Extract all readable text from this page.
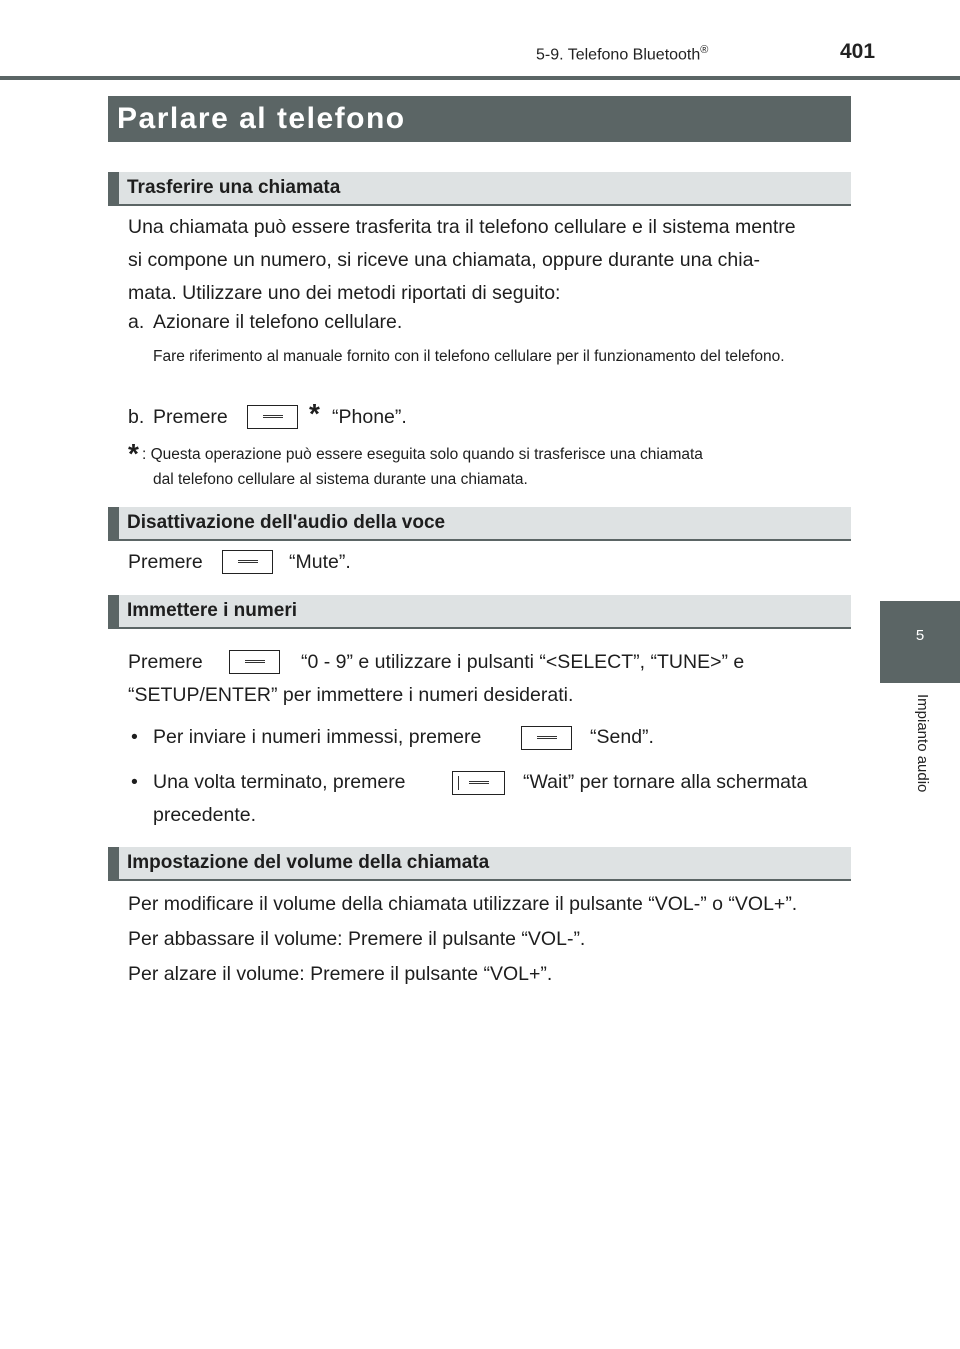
5-9. Telefono Bluetooth®	401
5
Impianto audio
Parlare al telefono
Trasferire una chiamata
Una chiamata può essere trasferita tra il telefono cellulare e il sistema mentre
si compone un numero, si riceve una chiamata, oppure durante una chia-
mata. Utilizzare uno dei metodi riportati di seguito:
a. Azionare il telefono cellulare.
Fare riferimento al manuale fornito con il telefono cellulare per il funzionamento del telefono.
b. Premere	* “Phone”.
* : Questa operazione può essere eseguita solo quando si trasferisce una chiamata
dal telefono cellulare al sistema durante una chiamata.
Disattivazione dell'audio della voce
Premere	“Mute”.
Immettere i numeri
Premere	“0 - 9” e utilizzare i pulsanti “<SELECT”, “TUNE>” e
“SETUP/ENTER” per immettere i numeri desiderati.
• Per inviare i numeri immessi, premere	“Send”.
• Una volta terminato, premere	“Wait” per tornare alla schermata
precedente.
Impostazione del volume della chiamata
Per modificare il volume della chiamata utilizzare il pulsante “VOL-” o “VOL+”.
Per abbassare il volume: Premere il pulsante “VOL-”.
Per alzare il volume: Premere il pulsante “VOL+”.
